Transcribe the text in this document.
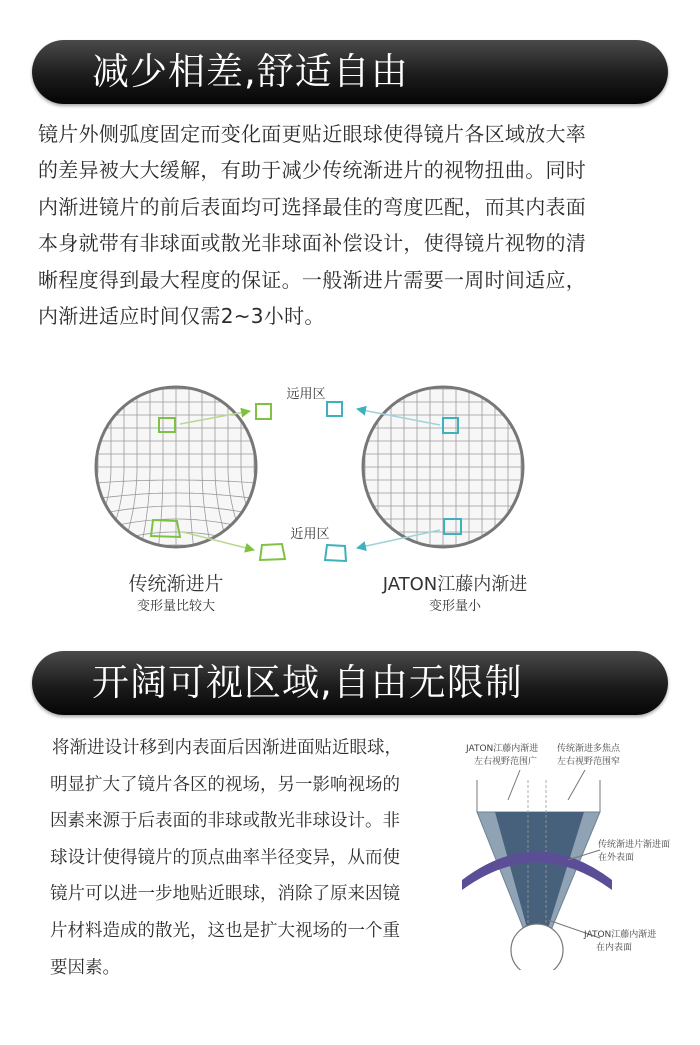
减少相差,舒适自由
镜片外侧弧度固定而变化面更贴近眼球使得镜片各区域放大率
的差异被大大缓解，有助于减少传统渐进片的视物扭曲。同时
内渐进镜片的前后表面均可选择最佳的弯度匹配，而其内表面
本身就带有非球面或散光非球面补偿设计，使得镜片视物的清
晰程度得到最大程度的保证。一般渐进片需要一周时间适应，
内渐进适应时间仅需2~3小时。
远用区
近用区
传统渐进片
变形量比较大
JATON江藤内渐进
变形量小
开阔可视区域,自由无限制
将渐进设计移到内表面后因渐进面贴近眼球，
明显扩大了镜片各区的视场，另一影响视场的
因素来源于后表面的非球或散光非球设计。非
球设计使得镜片的顶点曲率半径变异，从而使
镜片可以进一步地贴近眼球，消除了原来因镜
片材料造成的散光，这也是扩大视场的一个重
要因素。
JATON江藤内渐进
左右视野范围广
传统渐进多焦点
左右视野范围窄
传统渐进片渐进面
在外表面
JATON江藤内渐进
在内表面
